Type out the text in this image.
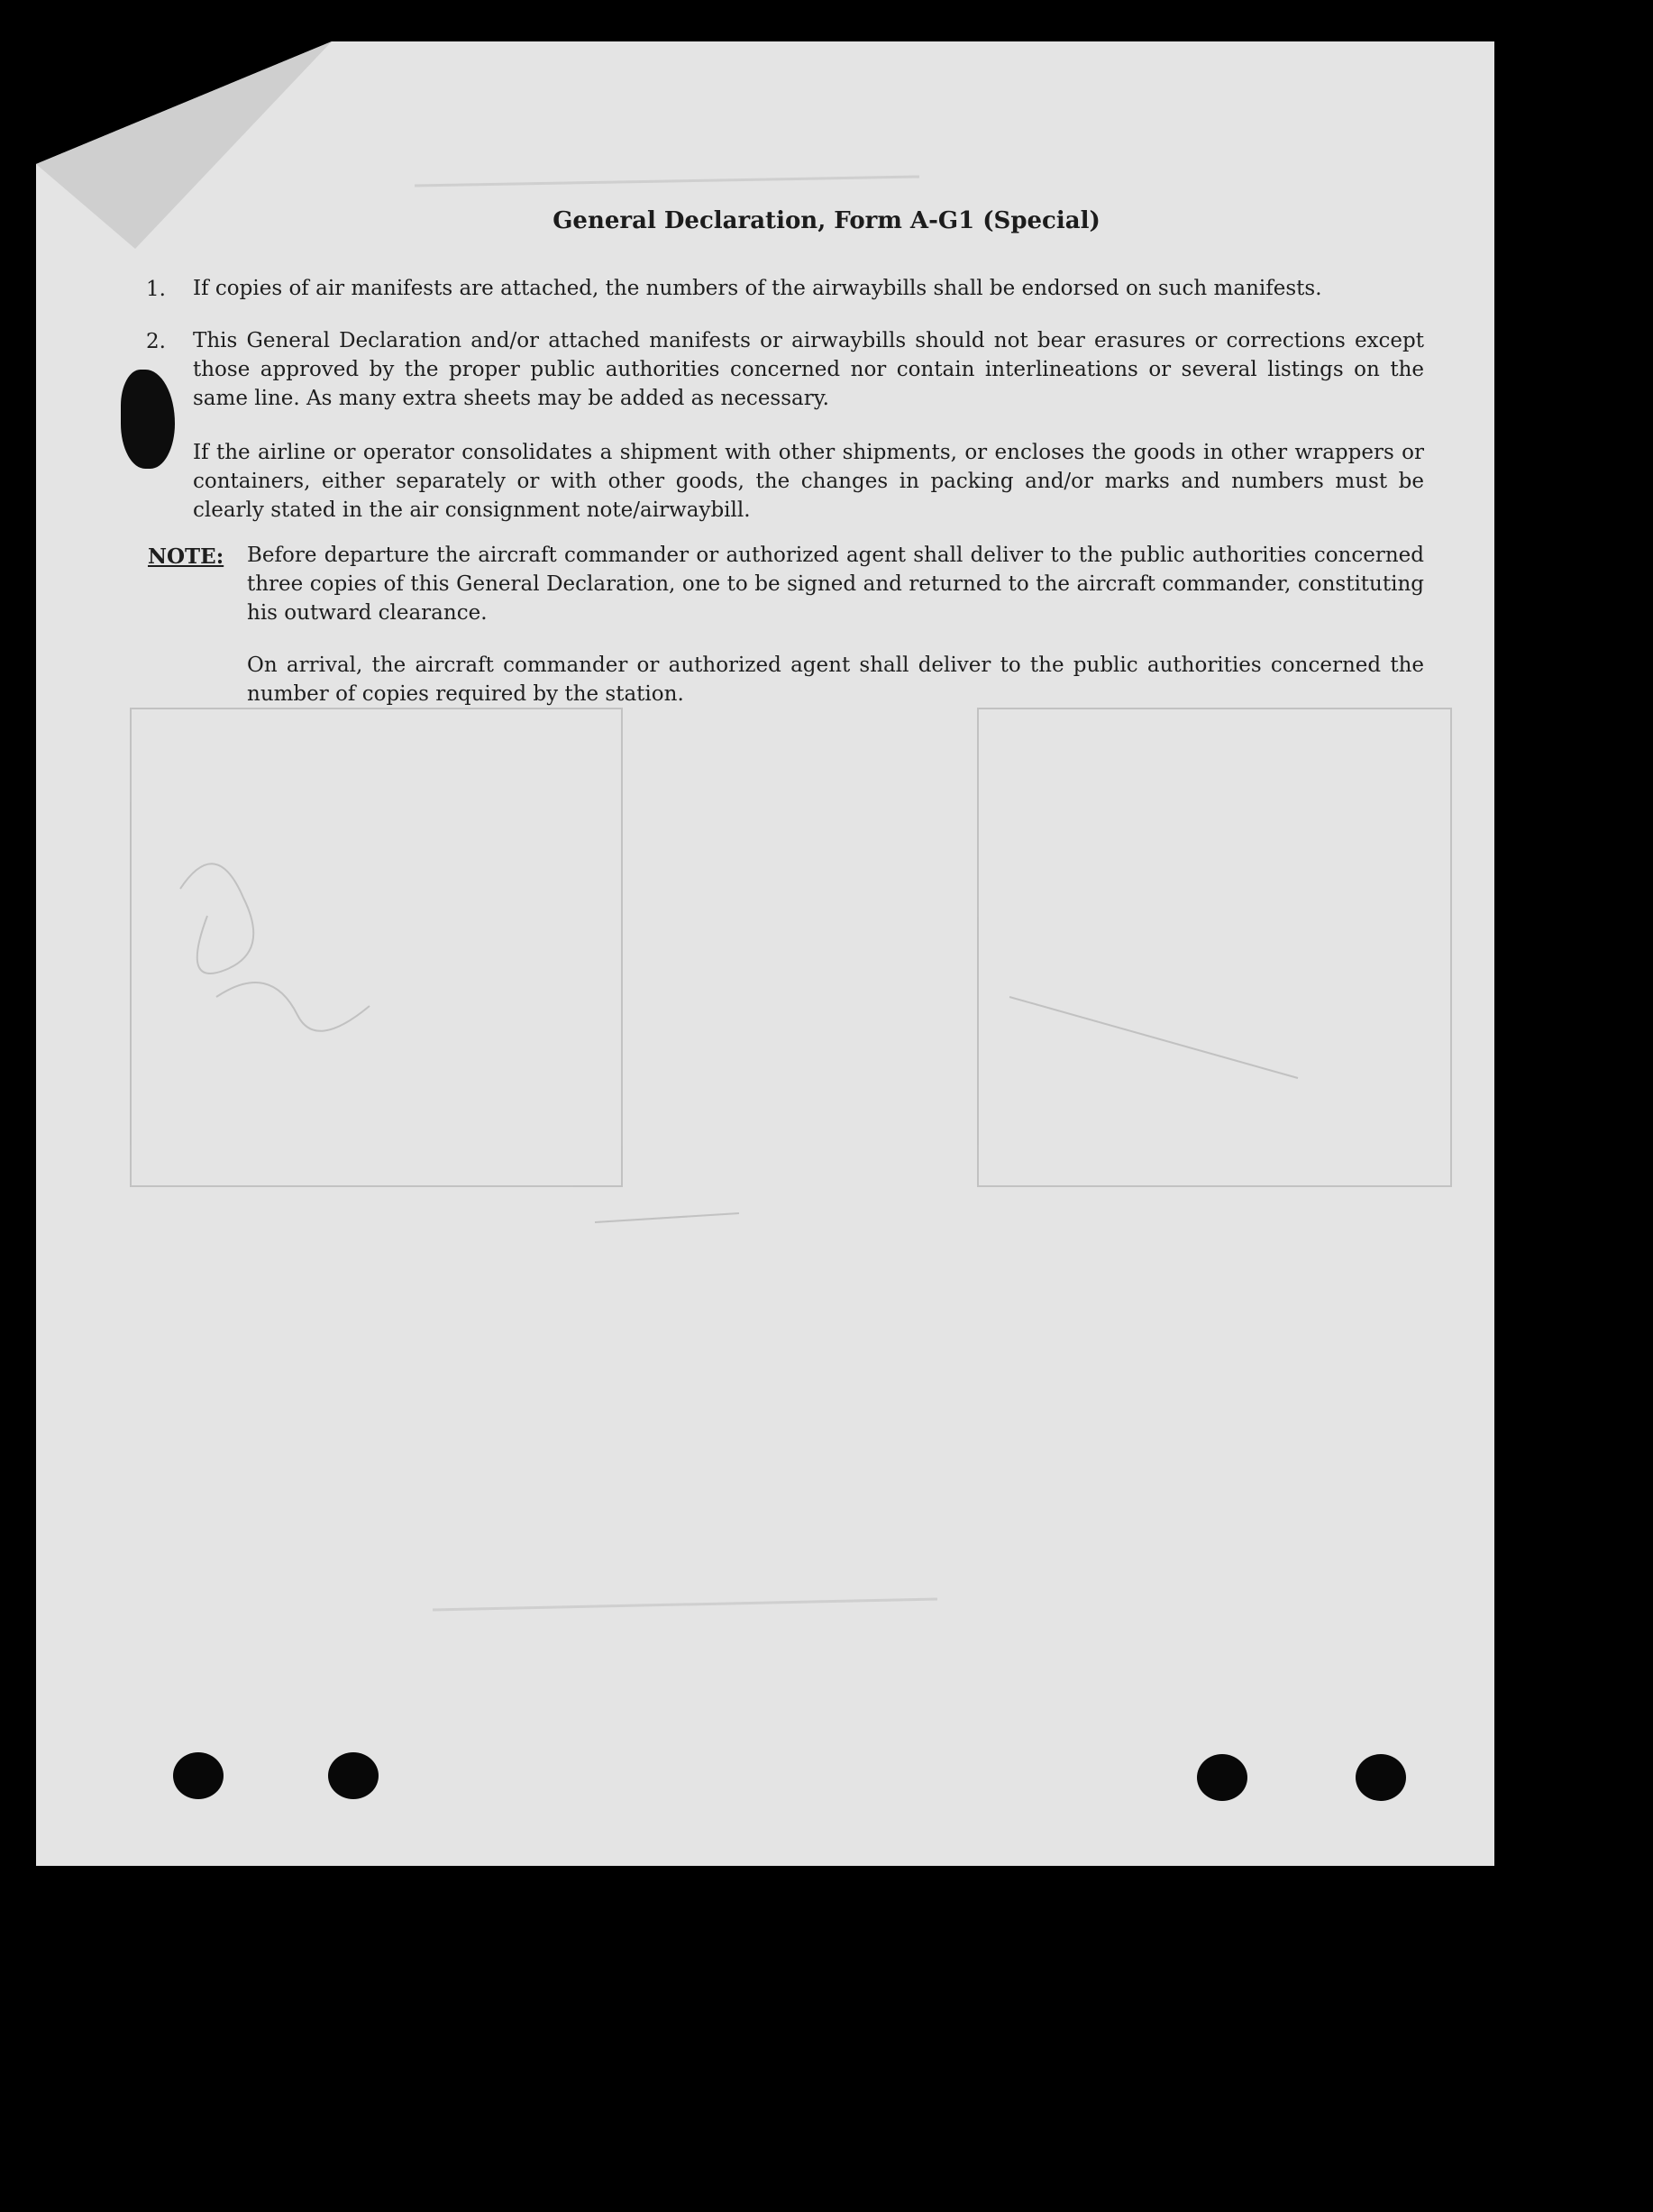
General Declaration, Form A-G1 (Special)
1. If copies of air manifests are attached, the numbers of the airwaybills shall be endorsed on such manifests.
2. This General Declaration and/or attached manifests or airwaybills should not bear erasures or corrections except those approved by the proper public authorities concerned nor contain interlineations or several listings on the same line. As many extra sheets may be added as necessary.
If the airline or operator consolidates a shipment with other shipments, or encloses the goods in other wrappers or containers, either separately or with other goods, the changes in packing and/or marks and numbers must be clearly stated in the air consignment note/airwaybill.
NOTE: Before departure the aircraft commander or authorized agent shall deliver to the public authorities concerned three copies of this General Declaration, one to be signed and returned to the aircraft commander, constituting his outward clearance.
On arrival, the aircraft commander or authorized agent shall deliver to the public authorities concerned the number of copies required by the station.
